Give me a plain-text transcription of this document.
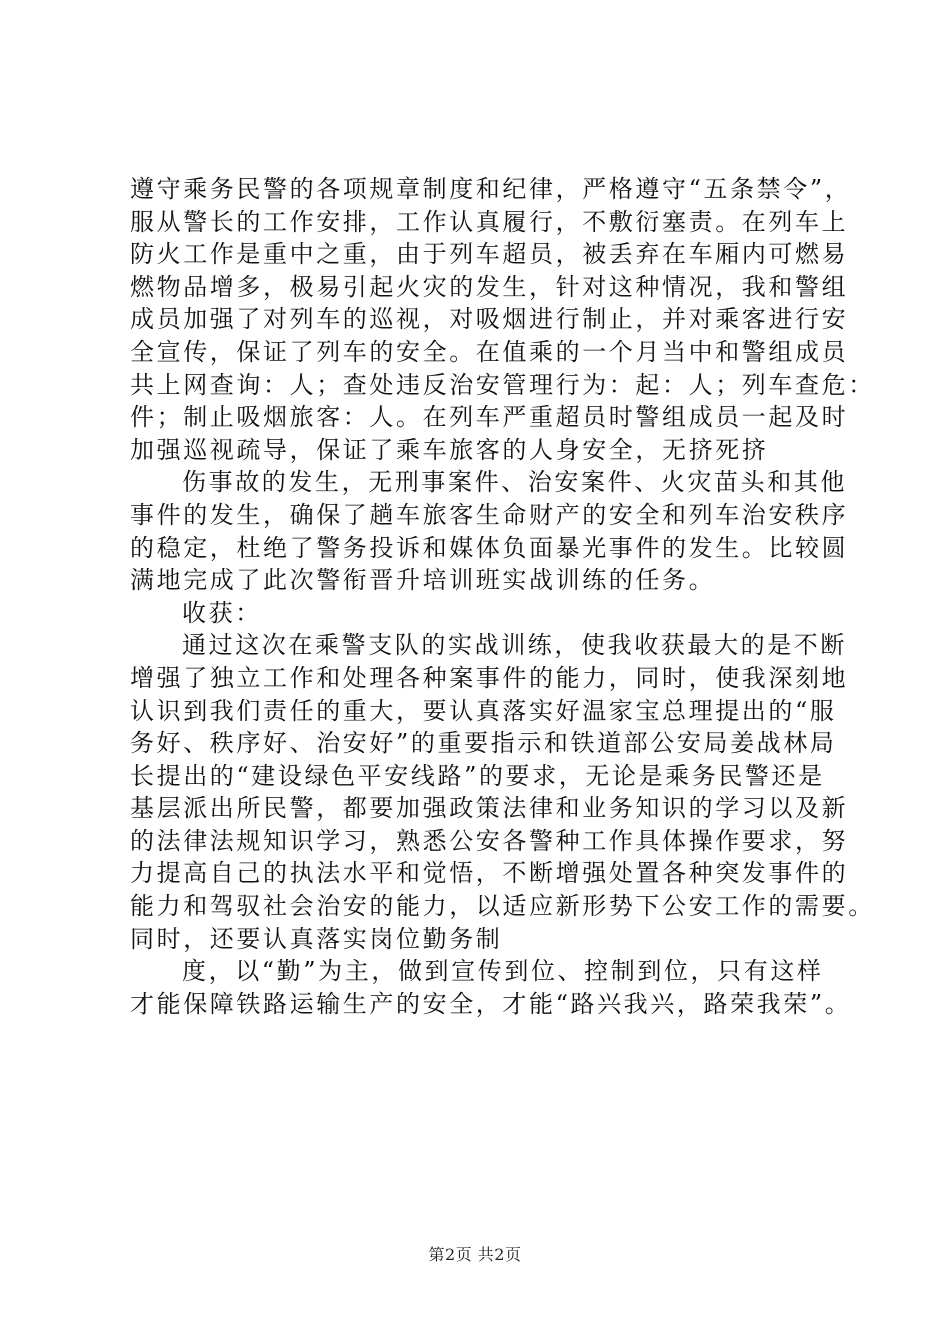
遵守乘务民警的各项规章制度和纪律，严格遵守“五条禁令”，
服从警长的工作安排，工作认真履行，不敷衍塞责。在列车上
防火工作是重中之重，由于列车超员，被丢弃在车厢内可燃易
燃物品增多，极易引起火灾的发生，针对这种情况，我和警组
成员加强了对列车的巡视，对吸烟进行制止，并对乘客进行安
全宣传，保证了列车的安全。在值乘的一个月当中和警组成员
共上网查询：人；查处违反治安管理行为：起：人；列车查危：
件；制止吸烟旅客：人。在列车严重超员时警组成员一起及时
加强巡视疏导，保证了乘车旅客的人身安全，无挤死挤
伤事故的发生，无刑事案件、治安案件、火灾苗头和其他
事件的发生，确保了趟车旅客生命财产的安全和列车治安秩序
的稳定，杜绝了警务投诉和媒体负面暴光事件的发生。比较圆
满地完成了此次警衔晋升培训班实战训练的任务。
收获：
通过这次在乘警支队的实战训练，使我收获最大的是不断
增强了独立工作和处理各种案事件的能力，同时，使我深刻地
认识到我们责任的重大，要认真落实好温家宝总理提出的“服
务好、秩序好、治安好”的重要指示和铁道部公安局姜战林局
长提出的“建设绿色平安线路”的要求，无论是乘务民警还是
基层派出所民警，都要加强政策法律和业务知识的学习以及新
的法律法规知识学习，熟悉公安各警种工作具体操作要求，努
力提高自己的执法水平和觉悟，不断增强处置各种突发事件的
能力和驾驭社会治安的能力，以适应新形势下公安工作的需要。
同时，还要认真落实岗位勤务制
度，以“勤”为主，做到宣传到位、控制到位，只有这样
才能保障铁路运输生产的安全，才能“路兴我兴，路荣我荣”。
第2页 共2页
